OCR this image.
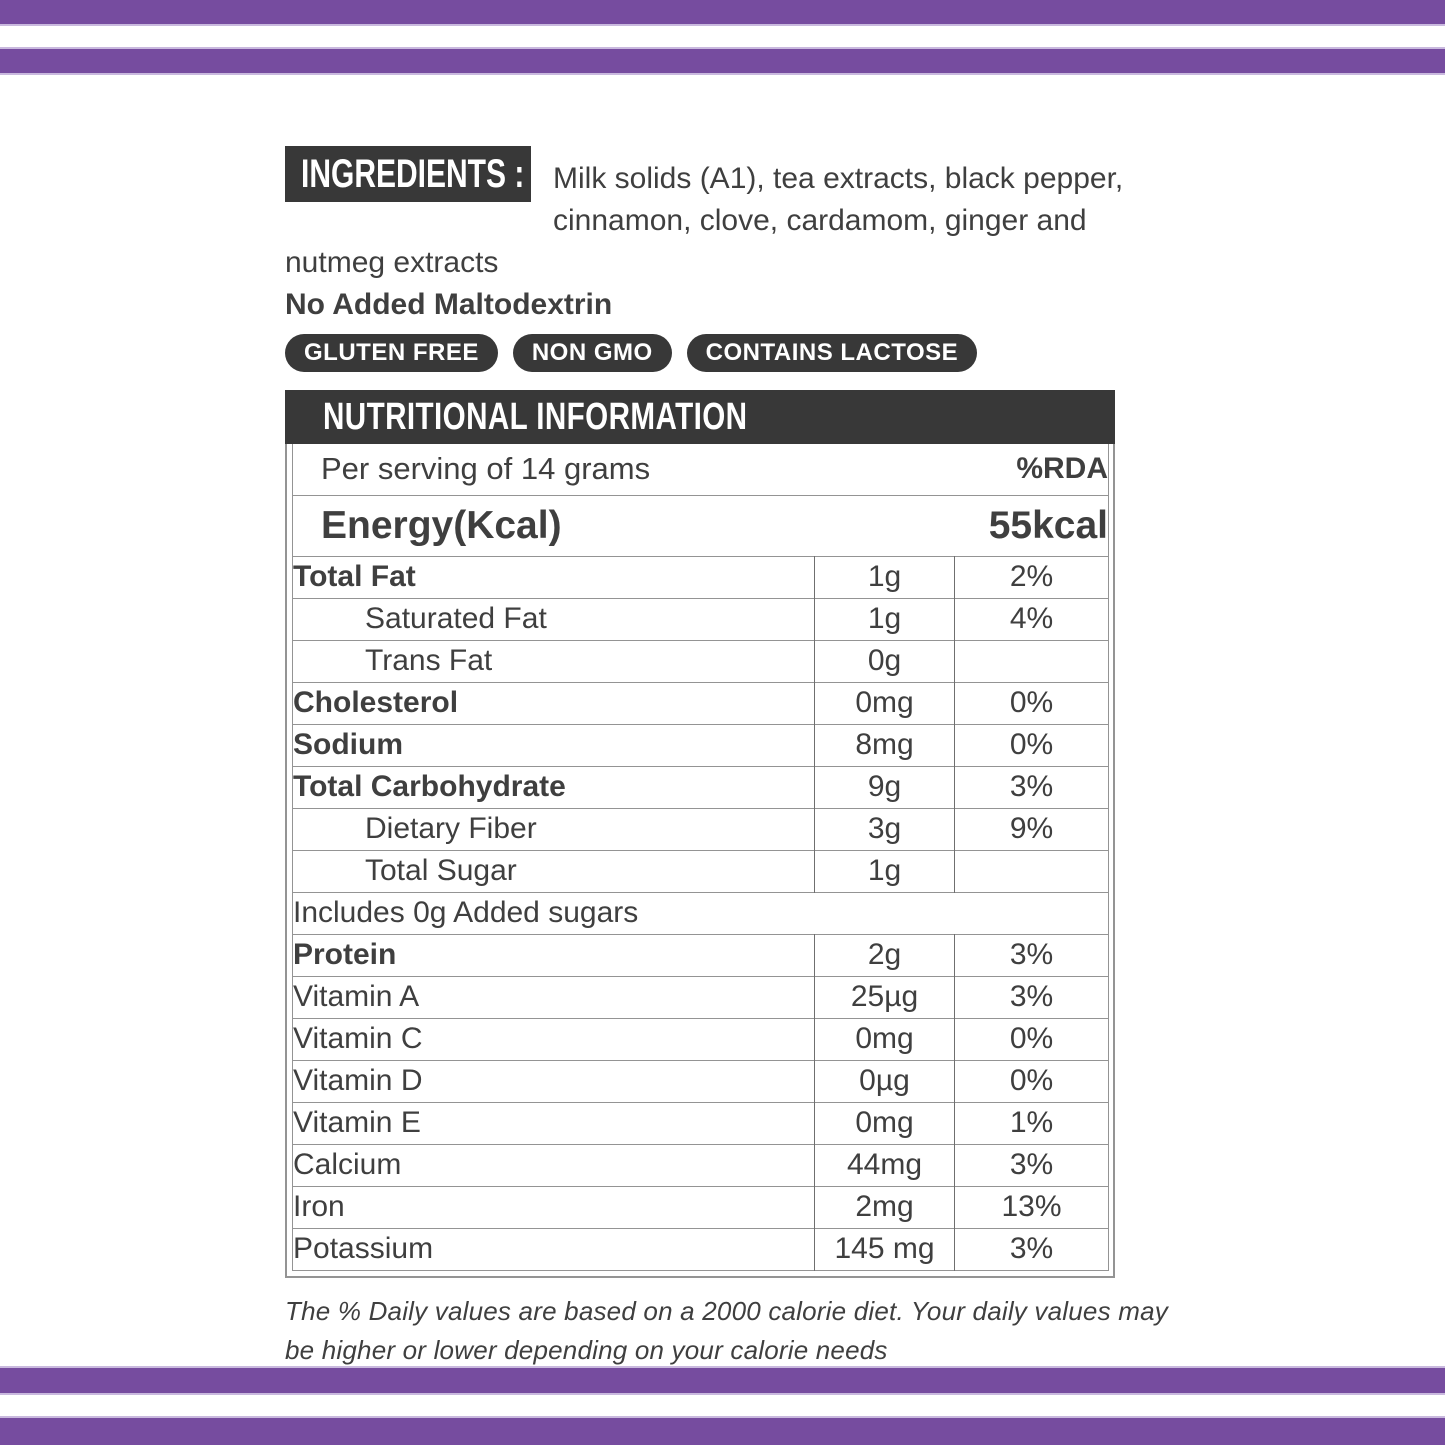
INGREDIENTS : Milk solids (A1), tea extracts, black pepper, cinnamon, clove, cardamom, ginger and nutmeg extracts
No Added Maltodextrin
GLUTEN FREE	NON GMO	CONTAINS LACTOSE
NUTRITIONAL INFORMATION
Per serving of 14 grams	%RDA	
Energy(Kcal)	55kcal	
Total Fat	1g	2%
Saturated Fat	1g	4%
Trans Fat	0g	
Cholesterol	0mg	0%
Sodium	8mg	0%
Total Carbohydrate	9g	3%
Dietary Fiber	3g	9%
Total Sugar	1g	
Includes 0g Added sugars		
Protein	2g	3%
Vitamin A	25µg	3%
Vitamin C	0mg	0%
Vitamin D	0µg	0%
Vitamin E	0mg	1%
Calcium	44mg	3%
Iron	2mg	13%
Potassium	145 mg	3%
The % Daily values are based on a 2000 calorie diet. Your daily values may be higher or lower depending on your calorie needs
